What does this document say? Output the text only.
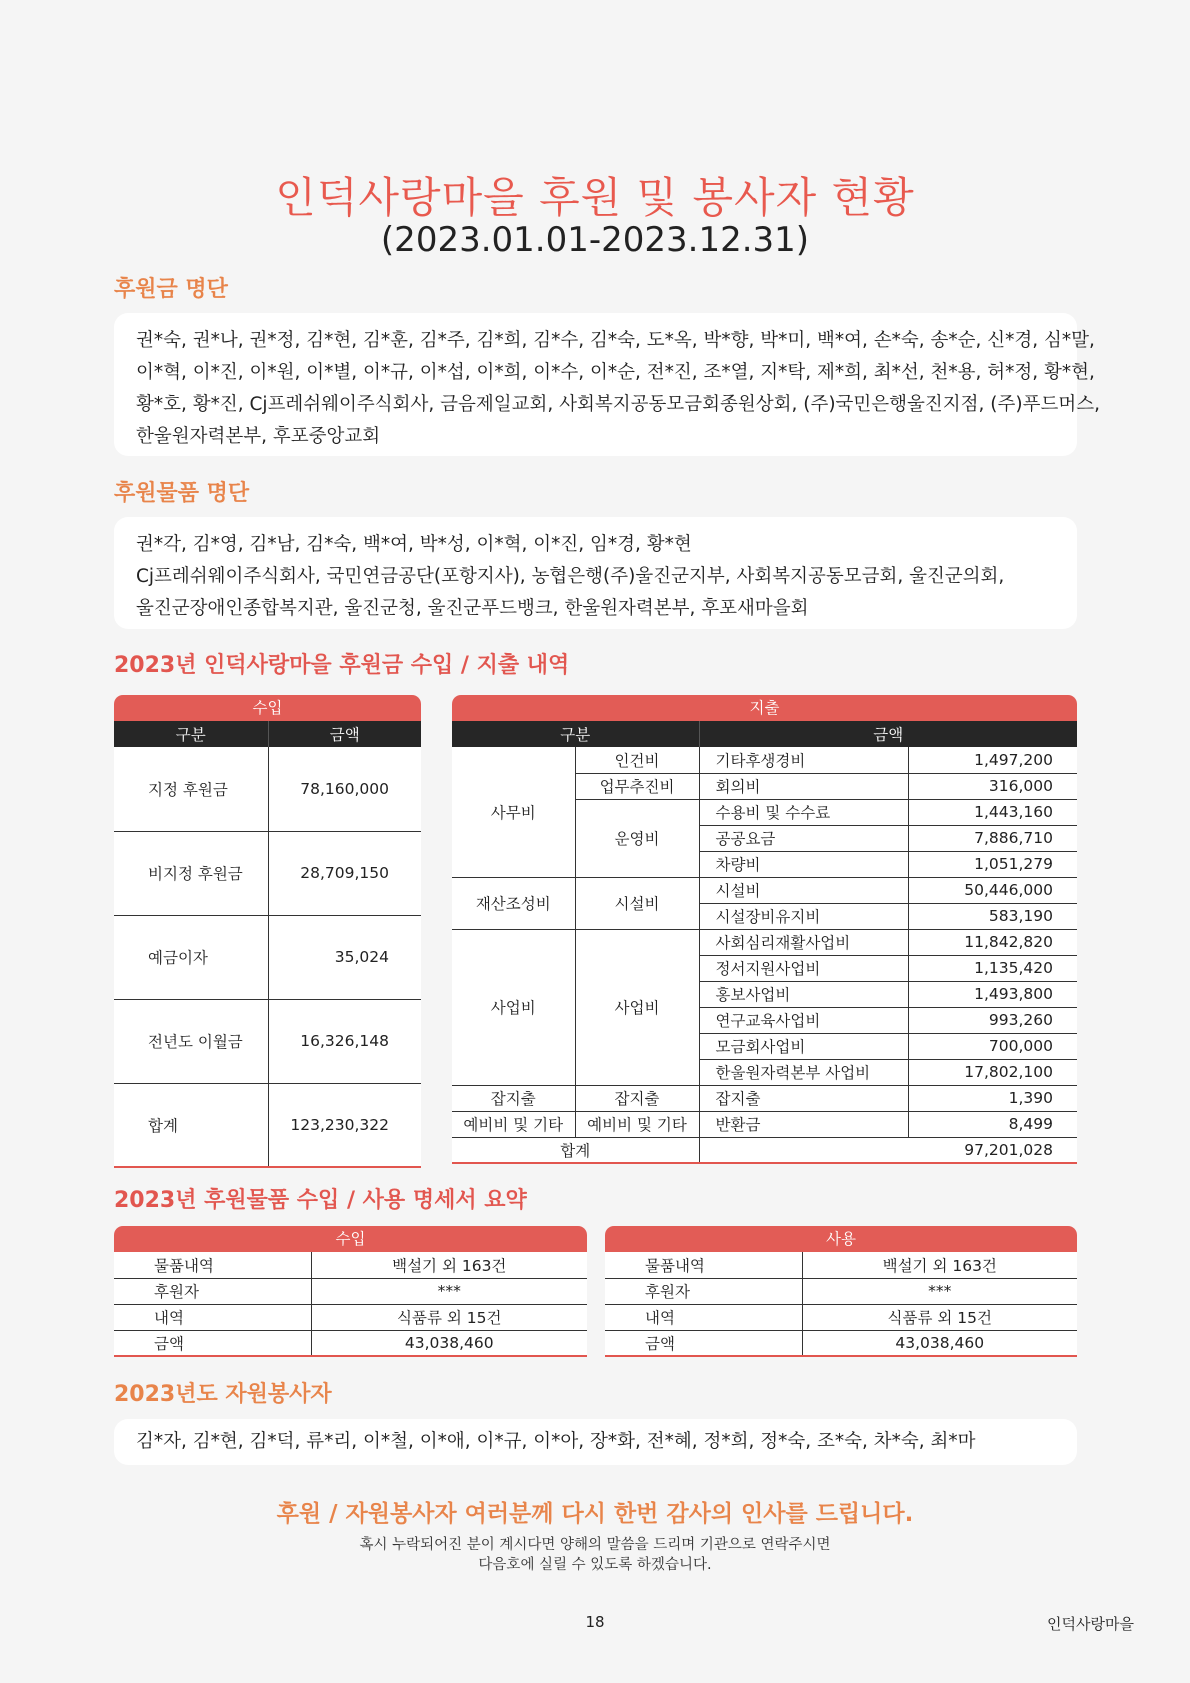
인덕사랑마을 후원 및 봉사자 현황
(2023.01.01-2023.12.31)
후원금 명단
권*숙, 권*나, 권*정, 김*현, 김*훈, 김*주, 김*희, 김*수, 김*숙, 도*옥, 박*향, 박*미, 백*여, 손*숙, 송*순, 신*경, 심*말,
이*혁, 이*진, 이*원, 이*별, 이*규, 이*섭, 이*희, 이*수, 이*순, 전*진, 조*열, 지*탁, 제*희, 최*선, 천*용, 허*정, 황*현,
황*호, 황*진, Cj프레쉬웨이주식회사, 금음제일교회, 사회복지공동모금회종원상회, (주)국민은행울진지점, (주)푸드머스,
한울원자력본부, 후포중앙교회
후원물품 명단
권*각, 김*영, 김*남, 김*숙, 백*여, 박*성, 이*혁, 이*진, 임*경, 황*현
Cj프레쉬웨이주식회사, 국민연금공단(포항지사), 농협은행(주)울진군지부, 사회복지공동모금회, 울진군의회,
울진군장애인종합복지관, 울진군청, 울진군푸드뱅크, 한울원자력본부, 후포새마을회
2023년 인덕사랑마을 후원금 수입 / 지출 내역
수입	

구분	금액
지정 후원금	78,160,000
비지정 후원금	28,709,150
예금이자	35,024
전년도 이월금	16,326,148
합계	123,230,322
지출			

구분		금액	
사무비	인건비	기타후생경비	1,497,200
	업무추진비	회의비	316,000
	운영비	수용비 및 수수료	1,443,160
		공공요금	7,886,710
		차량비	1,051,279
재산조성비	시설비	시설비	50,446,000
		시설장비유지비	583,190
사업비	사업비	사회심리재활사업비	11,842,820
		정서지원사업비	1,135,420
		홍보사업비	1,493,800
		연구교육사업비	993,260
		모금회사업비	700,000
		한울원자력본부 사업비	17,802,100
잡지출	잡지출	잡지출	1,390
예비비 및 기타	예비비 및 기타	반환금	8,499
합계		97,201,028	
2023년 후원물품 수입 / 사용 명세서 요약
수입	

물품내역	백설기 외 163건
후원자	***
내역	식품류 외 15건
금액	43,038,460
사용	

물품내역	백설기 외 163건
후원자	***
내역	식품류 외 15건
금액	43,038,460
2023년도 자원봉사자
김*자, 김*현, 김*덕, 류*리, 이*철, 이*애, 이*규, 이*아, 장*화, 전*혜, 정*희, 정*숙, 조*숙, 차*숙, 최*마
후원 / 자원봉사자 여러분께 다시 한번 감사의 인사를 드립니다.
혹시 누락되어진 분이 계시다면 양해의 말씀을 드리며 기관으로 연락주시면
다음호에 실릴 수 있도록 하겠습니다.
18	인덕사랑마을
